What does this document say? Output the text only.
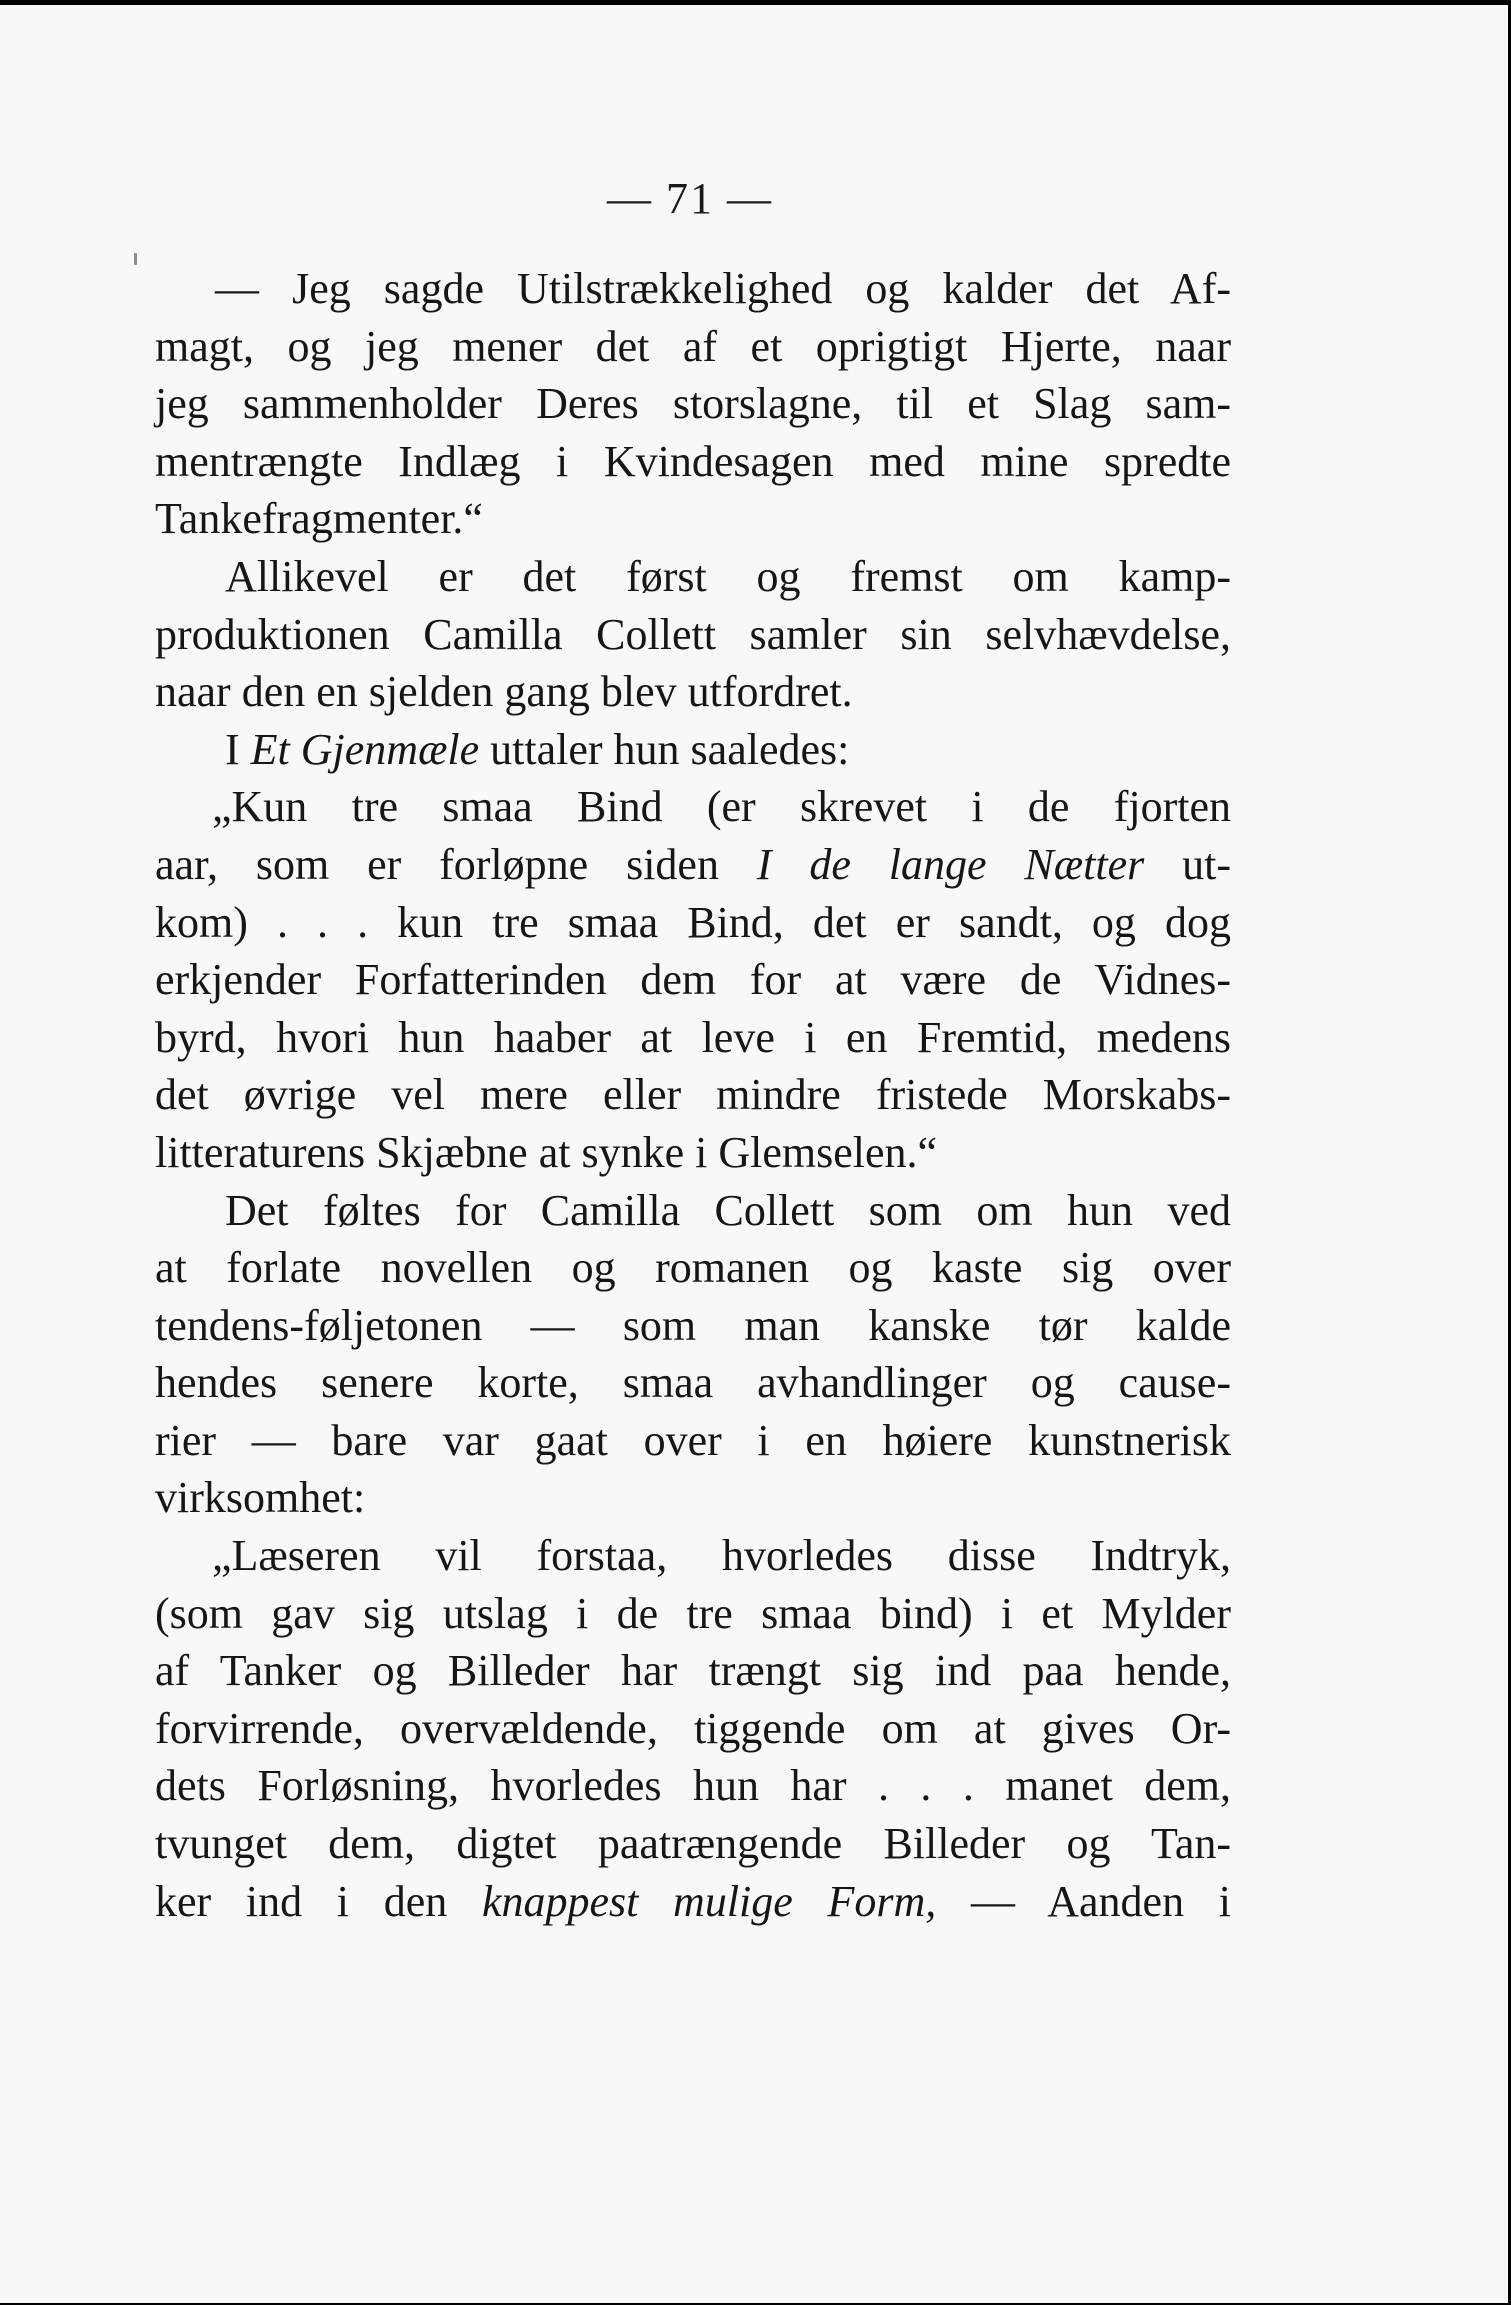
— 71 —
— Jeg sagde Utilstrækkelighed og kalder det Af-
magt, og jeg mener det af et oprigtigt Hjerte, naar
jeg sammenholder Deres storslagne, til et Slag sam-
mentrængte Indlæg i Kvindesagen med mine spredte
Tankefragmenter.“
Allikevel er det først og fremst om kamp-
produktionen Camilla Collett samler sin selvhævdelse,
naar den en sjelden gang blev utfordret.
I Et Gjenmæle uttaler hun saaledes:
„Kun tre smaa Bind (er skrevet i de fjorten
aar, som er forløpne siden I de lange Nætter ut-
kom) . . . kun tre smaa Bind, det er sandt, og dog
erkjender Forfatterinden dem for at være de Vidnes-
byrd, hvori hun haaber at leve i en Fremtid, medens
det øvrige vel mere eller mindre fristede Morskabs-
litteraturens Skjæbne at synke i Glemselen.“
Det føltes for Camilla Collett som om hun ved
at forlate novellen og romanen og kaste sig over
tendens-føljetonen — som man kanske tør kalde
hendes senere korte, smaa avhandlinger og cause-
rier — bare var gaat over i en høiere kunstnerisk
virksomhet:
„Læseren vil forstaa, hvorledes disse Indtryk,
(som gav sig utslag i de tre smaa bind) i et Mylder
af Tanker og Billeder har trængt sig ind paa hende,
forvirrende, overvældende, tiggende om at gives Or-
dets Forløsning, hvorledes hun har . . . manet dem,
tvunget dem, digtet paatrængende Billeder og Tan-
ker ind i den knappest mulige Form, — Aanden i
